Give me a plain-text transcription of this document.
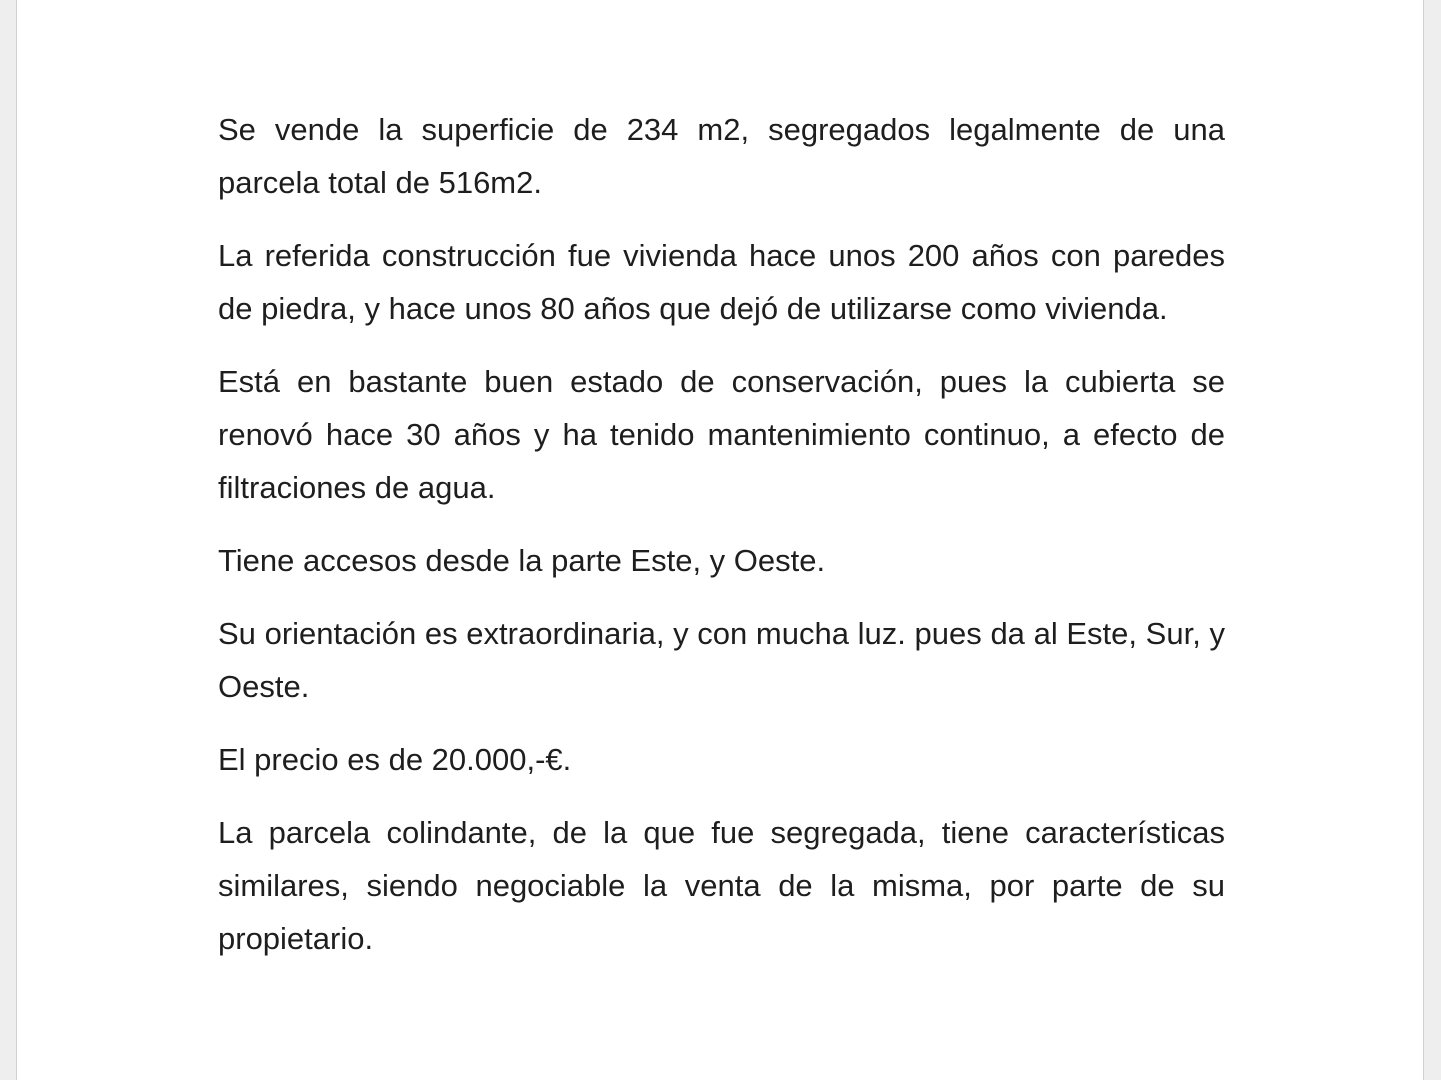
Se vende la superficie de 234 m2, segregados legalmente de una parcela total de 516m2.

La referida construcción fue vivienda hace unos 200 años con paredes de piedra, y hace unos 80 años que dejó de utilizarse como vivienda.

Está en bastante buen estado de conservación, pues la cubierta se renovó hace 30 años y ha tenido mantenimiento continuo, a efecto de filtraciones de agua.

Tiene accesos desde la parte Este, y Oeste.

Su orientación es extraordinaria, y con mucha luz. pues da al Este, Sur, y Oeste.

El precio es de 20.000,-€.

La parcela colindante, de la que fue segregada, tiene características similares, siendo negociable la venta de la misma, por parte de su propietario.
